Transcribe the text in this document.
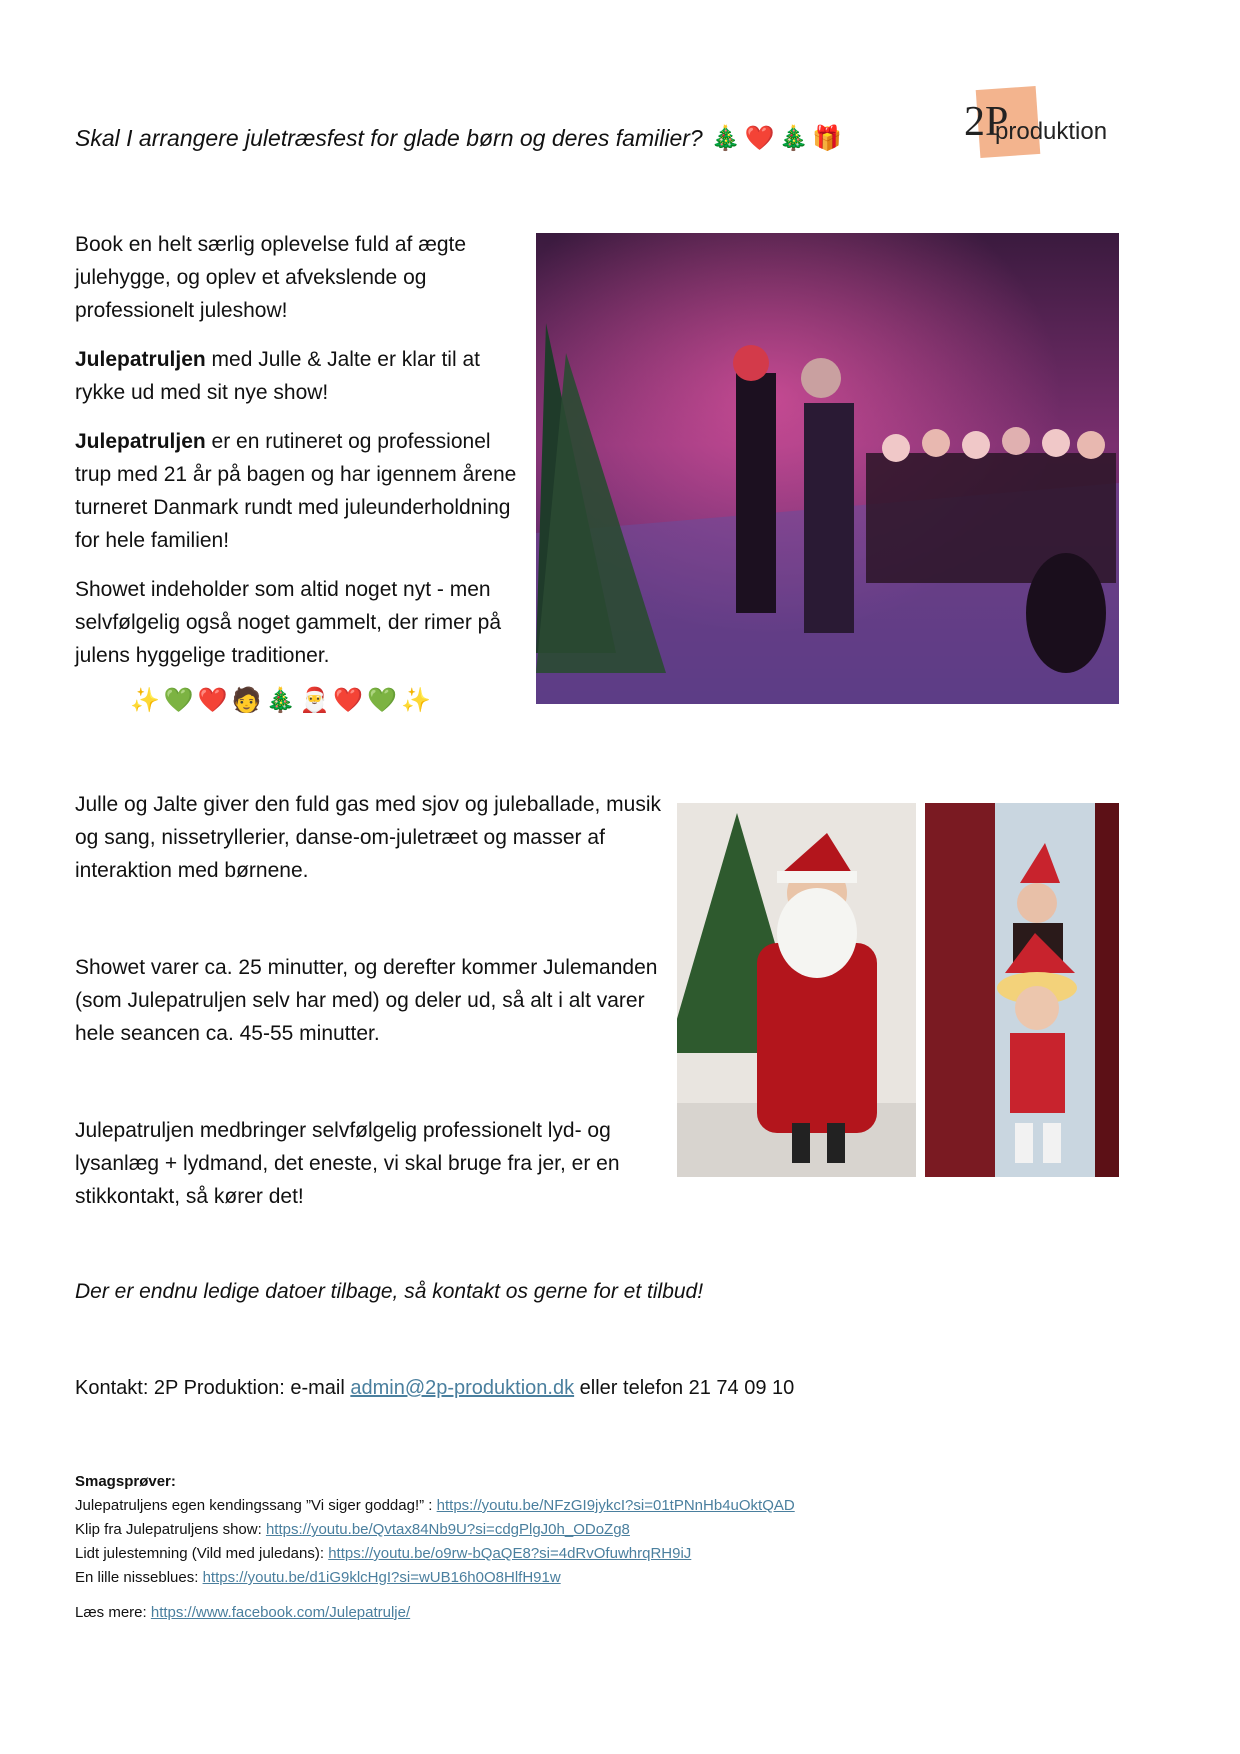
Skal I arrangere juletræsfest for glade børn og deres familier? 🎄 ❤️ 🎄 🎁	2P
produktion

Book en helt særlig oplevelse fuld af ægte julehygge, og oplev et afvekslende og professionelt juleshow!

Julepatruljen med Julle & Jalte er klar til at rykke ud med sit nye show!

Julepatruljen er en rutineret og professionel trup med 21 år på bagen og har igennem årene turneret Danmark rundt med juleunderholdning for hele familien!

Showet indeholder som altid noget nyt - men selvfølgelig også noget gammelt, der rimer på julens hyggelige traditioner.

✨ 💚 ❤️ 🧑 🎄 🎅 ❤️ 💚 ✨
Julle og Jalte giver den fuld gas med sjov og juleballade, musik og sang, nissetryllerier, danse-om-juletræet og masser af interaktion med børnene.
Showet varer ca. 25 minutter, og derefter kommer Julemanden (som Julepatruljen selv har med) og deler ud, så alt i alt varer hele seancen ca. 45-55 minutter.
Julepatruljen medbringer selvfølgelig professionelt lyd- og lysanlæg + lydmand, det eneste, vi skal bruge fra jer, er en stikkontakt, så kører det!
Der er endnu ledige datoer tilbage, så kontakt os gerne for et tilbud!
Kontakt: 2P Produktion: e-mail admin@2p-produktion.dk eller telefon 21 74 09 10
Smagsprøver:
Julepatruljens egen kendingssang ”Vi siger goddag!” : https://youtu.be/NFzGI9jykcI?si=01tPNnHb4uOktQAD
Klip fra Julepatruljens show: https://youtu.be/Qvtax84Nb9U?si=cdgPlgJ0h_ODoZg8
Lidt julestemning (Vild med juledans): https://youtu.be/o9rw-bQaQE8?si=4dRvOfuwhrqRH9iJ
En lille nisseblues: https://youtu.be/d1iG9klcHgI?si=wUB16h0O8HlfH91w
Læs mere: https://www.facebook.com/Julepatrulje/
